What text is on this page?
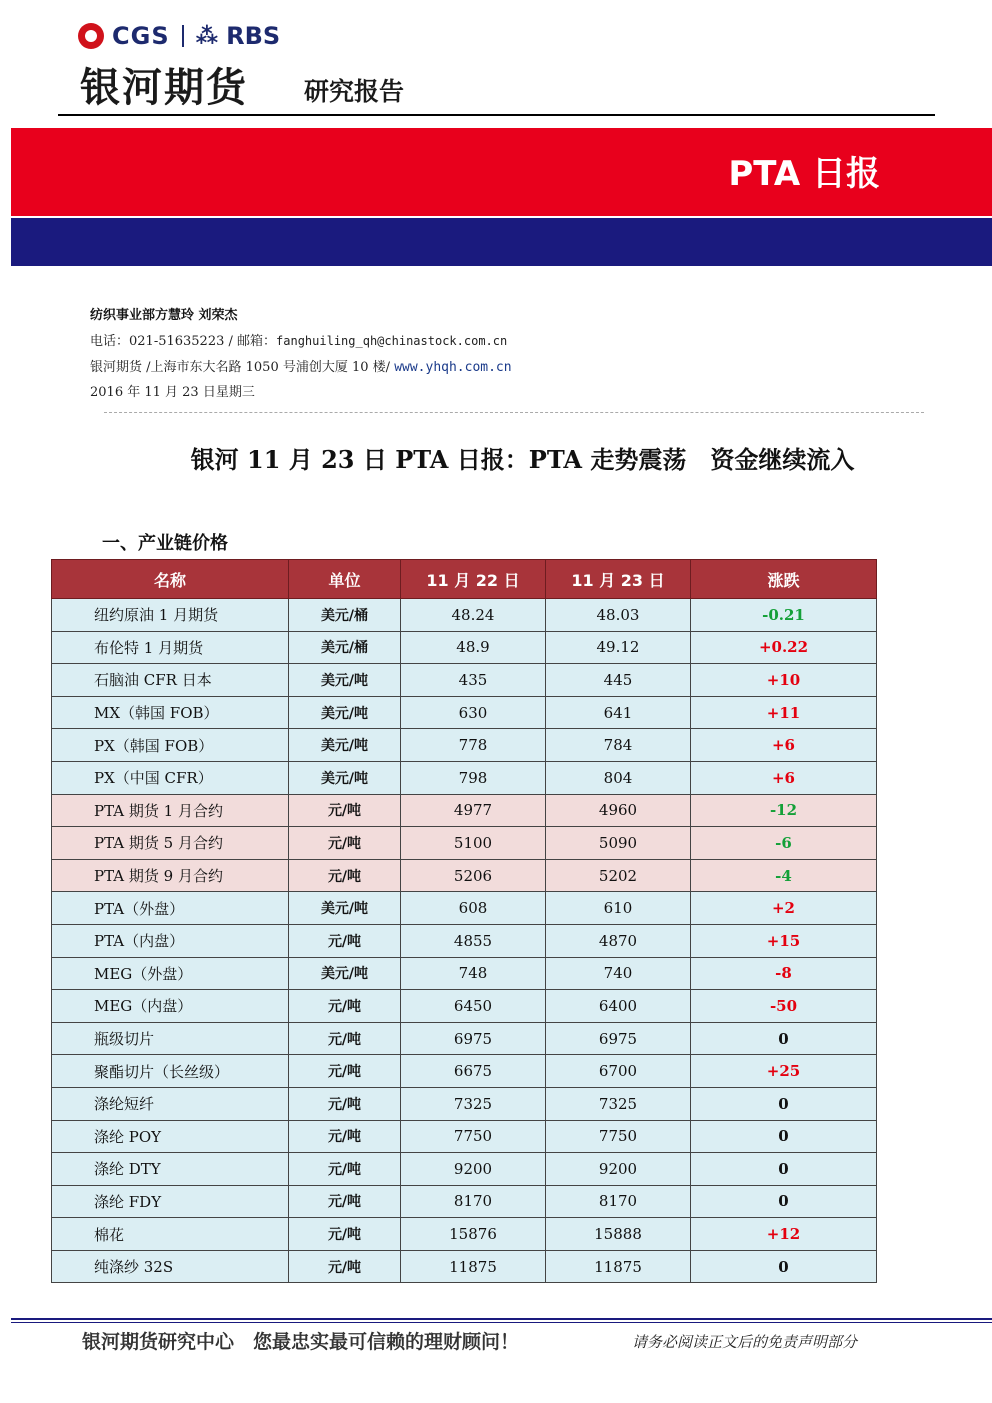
CGS ⁂ RBS
银河期货 研究报告
PTA 日报
纺织事业部方慧玲 刘荣杰
电话：021-51635223 / 邮箱：fanghuiling_qh@chinastock.com.cn
银河期货 /上海市东大名路 1050 号浦创大厦 10 楼/ www.yhqh.com.cn
2016 年 11 月 23 日星期三
银河 11 月 23 日 PTA 日报：PTA 走势震荡　资金继续流入
一、产业链价格
名称	单位	11 月 22 日	11 月 23 日	涨跌
纽约原油 1 月期货	美元/桶	48.24	48.03	-0.21
布伦特 1 月期货	美元/桶	48.9	49.12	+0.22
石脑油 CFR 日本	美元/吨	435	445	+10
MX（韩国 FOB）	美元/吨	630	641	+11
PX（韩国 FOB）	美元/吨	778	784	+6
PX（中国 CFR）	美元/吨	798	804	+6
PTA 期货 1 月合约	元/吨	4977	4960	-12
PTA 期货 5 月合约	元/吨	5100	5090	-6
PTA 期货 9 月合约	元/吨	5206	5202	-4
PTA（外盘）	美元/吨	608	610	+2
PTA（内盘）	元/吨	4855	4870	+15
MEG（外盘）	美元/吨	748	740	-8
MEG（内盘）	元/吨	6450	6400	-50
瓶级切片	元/吨	6975	6975	0
聚酯切片（长丝级）	元/吨	6675	6700	+25
涤纶短纤	元/吨	7325	7325	0
涤纶 POY	元/吨	7750	7750	0
涤纶 DTY	元/吨	9200	9200	0
涤纶 FDY	元/吨	8170	8170	0
棉花	元/吨	15876	15888	+12
纯涤纱 32S	元/吨	11875	11875	0
银河期货研究中心　您最忠实最可信赖的理财顾问！	请务必阅读正文后的免责声明部分
